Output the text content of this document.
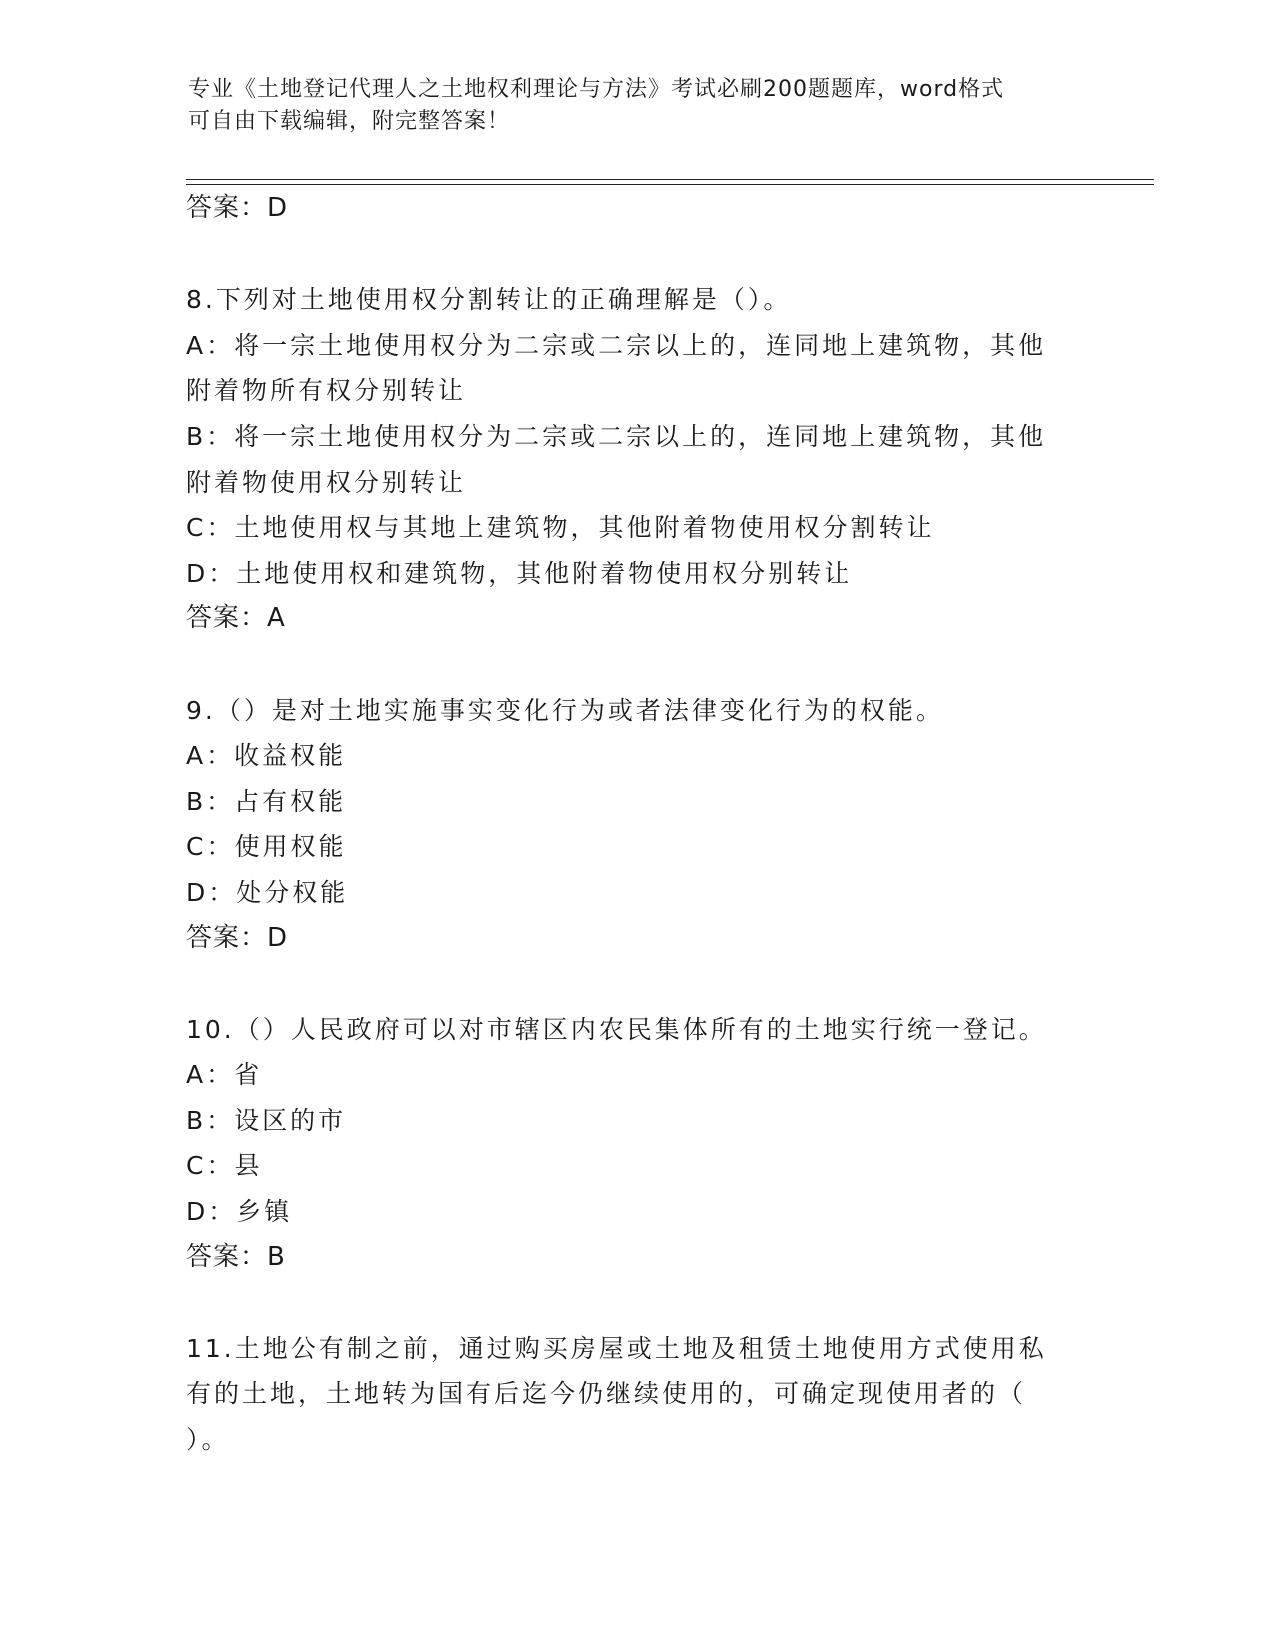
专业《土地登记代理人之土地权利理论与方法》考试必刷200题题库，word格式
可自由下载编辑，附完整答案！
答案：D
8.下列对土地使用权分割转让的正确理解是（）。
A：将一宗土地使用权分为二宗或二宗以上的，连同地上建筑物，其他
附着物所有权分别转让
B：将一宗土地使用权分为二宗或二宗以上的，连同地上建筑物，其他
附着物使用权分别转让
C：土地使用权与其地上建筑物，其他附着物使用权分割转让
D：土地使用权和建筑物，其他附着物使用权分别转让
答案：A
9.（）是对土地实施事实变化行为或者法律变化行为的权能。
A：收益权能
B：占有权能
C：使用权能
D：处分权能
答案：D
10.（）人民政府可以对市辖区内农民集体所有的土地实行统一登记。
A：省
B：设区的市
C：县
D：乡镇
答案：B
11.土地公有制之前，通过购买房屋或土地及租赁土地使用方式使用私
有的土地，土地转为国有后迄今仍继续使用的，可确定现使用者的（
）。
